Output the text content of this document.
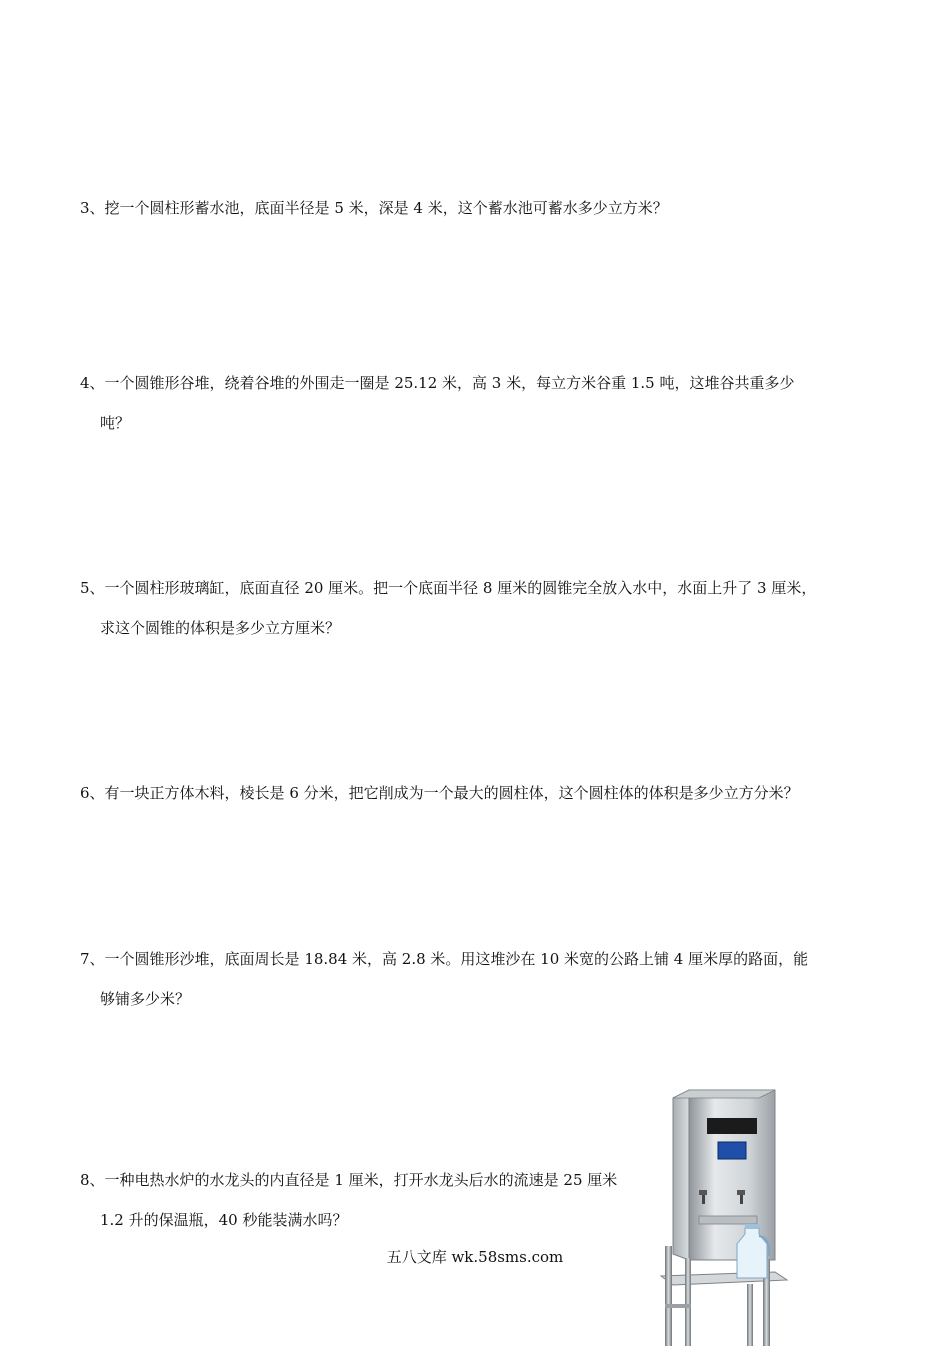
3、挖一个圆柱形蓄水池，底面半径是 5 米，深是 4 米，这个蓄水池可蓄水多少立方米？
4、一个圆锥形谷堆，绕着谷堆的外围走一圈是 25.12 米，高 3 米，每立方米谷重 1.5 吨，这堆谷共重多少
吨？
5、一个圆柱形玻璃缸，底面直径 20 厘米。把一个底面半径 8 厘米的圆锥完全放入水中，水面上升了 3 厘米，
求这个圆锥的体积是多少立方厘米？
6、有一块正方体木料，棱长是 6 分米，把它削成为一个最大的圆柱体，这个圆柱体的体积是多少立方分米？
7、一个圆锥形沙堆，底面周长是 18.84 米，高 2.8 米。用这堆沙在 10 米宽的公路上铺 4 厘米厚的路面，能
够铺多少米？
8、一种电热水炉的水龙头的内直径是 1 厘米，打开水龙头后水的流速是 25 厘米
1.2 升的保温瓶，40 秒能装满水吗？
五八文库 wk.58sms.com
